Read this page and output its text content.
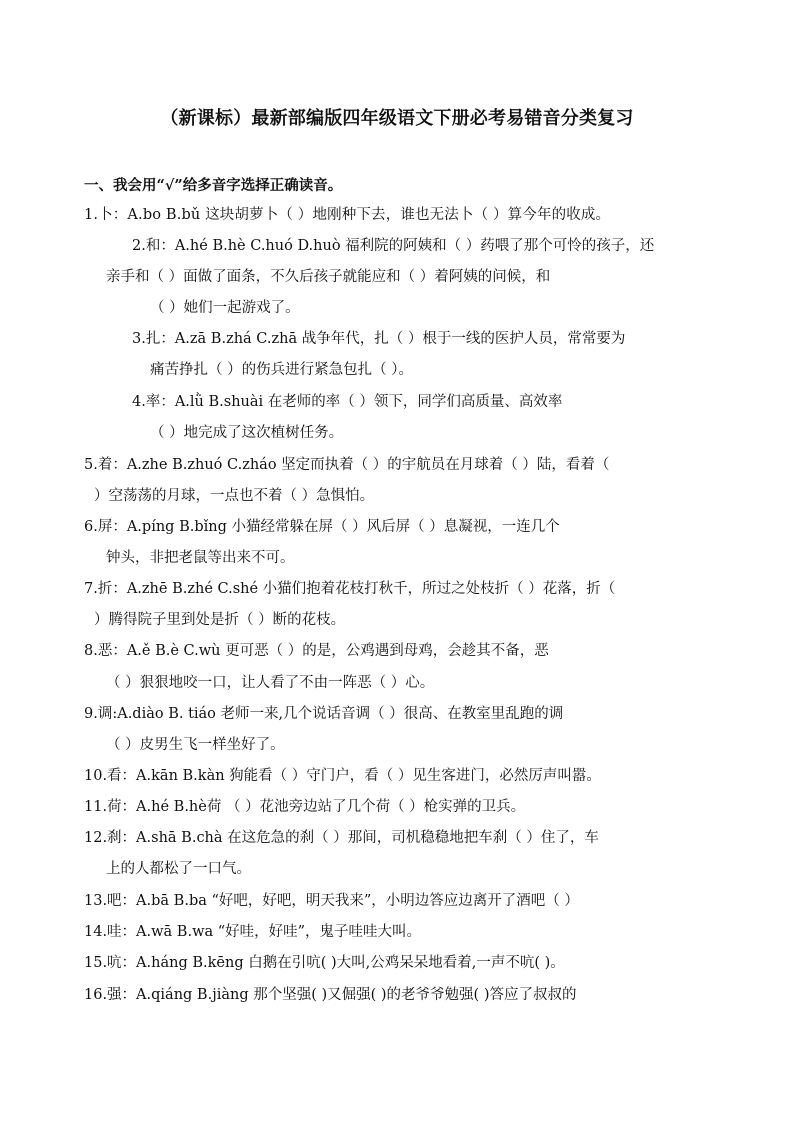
（新课标）最新部编版四年级语文下册必考易错音分类复习
一、我会用“√”给多音字选择正确读音。
1.卜：A.bo B.bǔ 这块胡萝卜（ ）地刚种下去，谁也无法卜（ ）算今年的收成。
2.和：A.hé B.hè C.huó D.huò 福利院的阿姨和（ ）药喂了那个可怜的孩子，还
亲手和（ ）面做了面条，不久后孩子就能应和（ ）着阿姨的问候，和
（ ）她们一起游戏了。
3.扎：A.zā B.zhá C.zhā 战争年代，扎（ ）根于一线的医护人员，常常要为
痛苦挣扎（ ）的伤兵进行紧急包扎（ ）。
4.率：A.lǜ B.shuài 在老师的率（ ）领下，同学们高质量、高效率
（ ）地完成了这次植树任务。
5.着：A.zhe B.zhuó C.zháo 坚定而执着（ ）的宇航员在月球着（ ）陆，看着（
）空荡荡的月球，一点也不着（ ）急惧怕。
6.屏：A.píng B.bǐng 小猫经常躲在屏（ ）风后屏（ ）息凝视，一连几个
钟头，非把老鼠等出来不可。
7.折：A.zhē B.zhé C.shé 小猫们抱着花枝打秋千，所过之处枝折（ ）花落，折（
）腾得院子里到处是折（ ）断的花枝。
8.恶：A.ě B.è C.wù 更可恶（ ）的是，公鸡遇到母鸡，会趁其不备，恶
（ ）狠狠地咬一口，让人看了不由一阵恶（ ）心。
9.调:A.diào B. tiáo 老师一来,几个说话音调（ ）很高、在教室里乱跑的调
（ ）皮男生飞一样坐好了。
10.看：A.kān B.kàn 狗能看（ ）守门户，看（ ）见生客进门，必然厉声叫嚣。
11.荷：A.hé B.hè荷 （ ）花池旁边站了几个荷（ ）枪实弹的卫兵。
12.刹：A.shā B.chà 在这危急的刹（ ）那间，司机稳稳地把车刹（ ）住了，车
上的人都松了一口气。
13.吧：A.bā B.ba “好吧，好吧，明天我来”，小明边答应边离开了酒吧（ ）
14.哇：A.wā B.wa “好哇，好哇”，鬼子哇哇大叫。
15.吭：A.háng B.kēng 白鹅在引吭( )大叫,公鸡呆呆地看着,一声不吭( )。
16.强：A.qiáng B.jiàng 那个坚强( )又倔强( )的老爷爷勉强( )答应了叔叔的
